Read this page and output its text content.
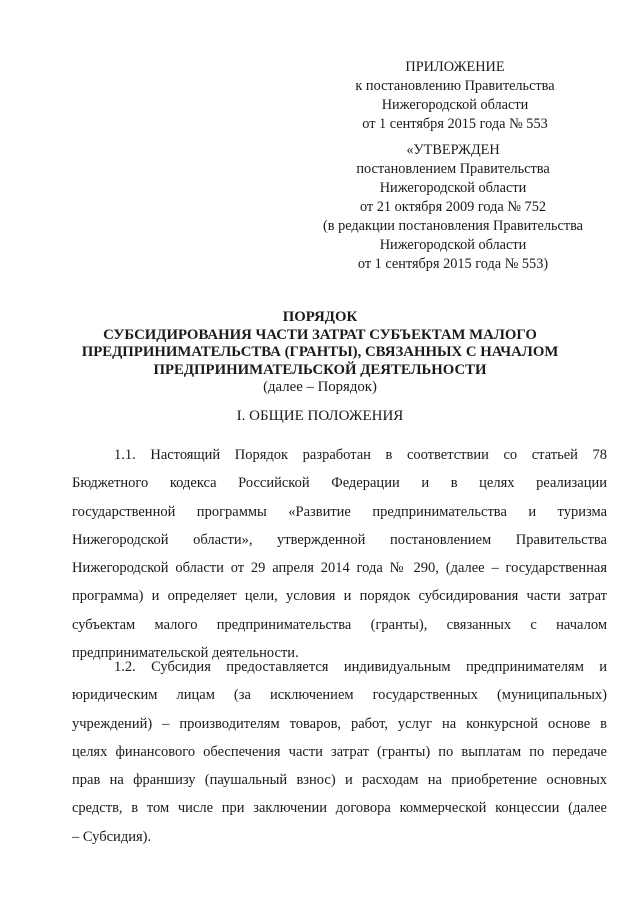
ПРИЛОЖЕНИЕ
к постановлению Правительства
Нижегородской области
от 1 сентября 2015 года № 553
«УТВЕРЖДЕН
постановлением Правительства
Нижегородской области
от 21 октября 2009 года № 752
(в редакции постановления Правительства
Нижегородской области
от 1 сентября 2015 года № 553)
ПОРЯДОК
СУБСИДИРОВАНИЯ ЧАСТИ ЗАТРАТ СУБЪЕКТАМ МАЛОГО
ПРЕДПРИНИМАТЕЛЬСТВА (ГРАНТЫ), СВЯЗАННЫХ С НАЧАЛОМ
ПРЕДПРИНИМАТЕЛЬСКОЙ ДЕЯТЕЛЬНОСТИ
(далее – Порядок)
I. ОБЩИЕ ПОЛОЖЕНИЯ
1.1. Настоящий Порядок разработан в соответствии со статьей 78
Бюджетного кодекса Российской Федерации и в целях реализации
государственной программы «Развитие предпринимательства и туризма
Нижегородской области», утвержденной постановлением Правительства
Нижегородской области от 29 апреля 2014 года № 290, (далее – государственная
программа) и определяет цели, условия и порядок субсидирования части затрат
субъектам малого предпринимательства (гранты), связанных с началом
предпринимательской деятельности.
1.2. Субсидия предоставляется индивидуальным предпринимателям и
юридическим лицам (за исключением государственных (муниципальных)
учреждений) – производителям товаров, работ, услуг на конкурсной основе в
целях финансового обеспечения части затрат (гранты) по выплатам по передаче
прав на франшизу (паушальный взнос) и расходам на приобретение основных
средств, в том числе при заключении договора коммерческой концессии (далее
– Субсидия).
